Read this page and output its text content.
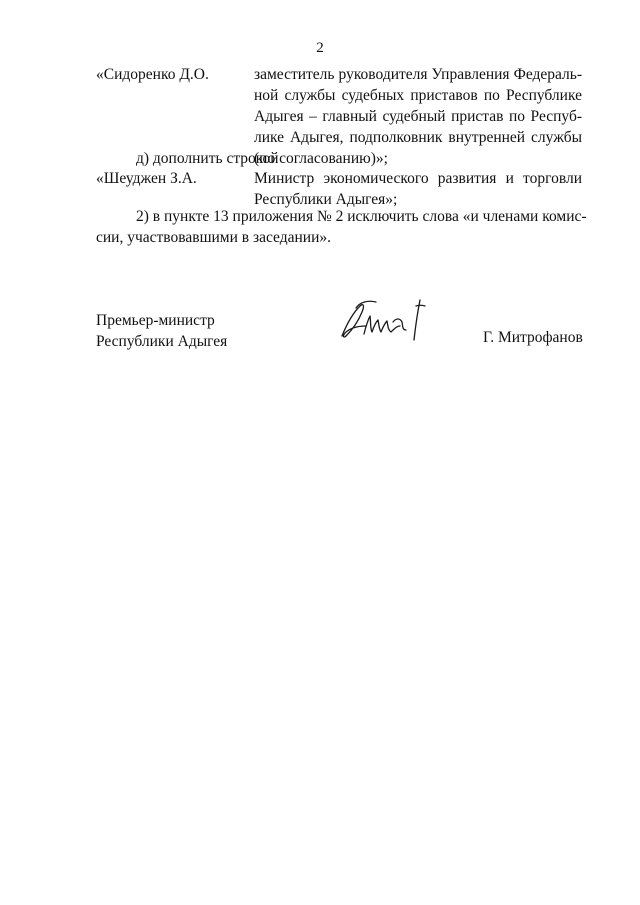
2
«Сидоренко Д.О.	заместитель руководителя Управления Федераль-
ной службы судебных приставов по Республике
Адыгея – главный судебный пристав по Респуб-
лике Адыгея, подполковник внутренней службы
(по согласованию)»;
д) дополнить строкой
«Шеуджен З.А.	Министр экономического развития и торговли
Республики Адыгея»;
2) в пункте 13 приложения № 2 исключить слова «и членами комис-
сии, участвовавшими в заседании».
Премьер-министр
Республики Адыгея	Г. Митрофанов
